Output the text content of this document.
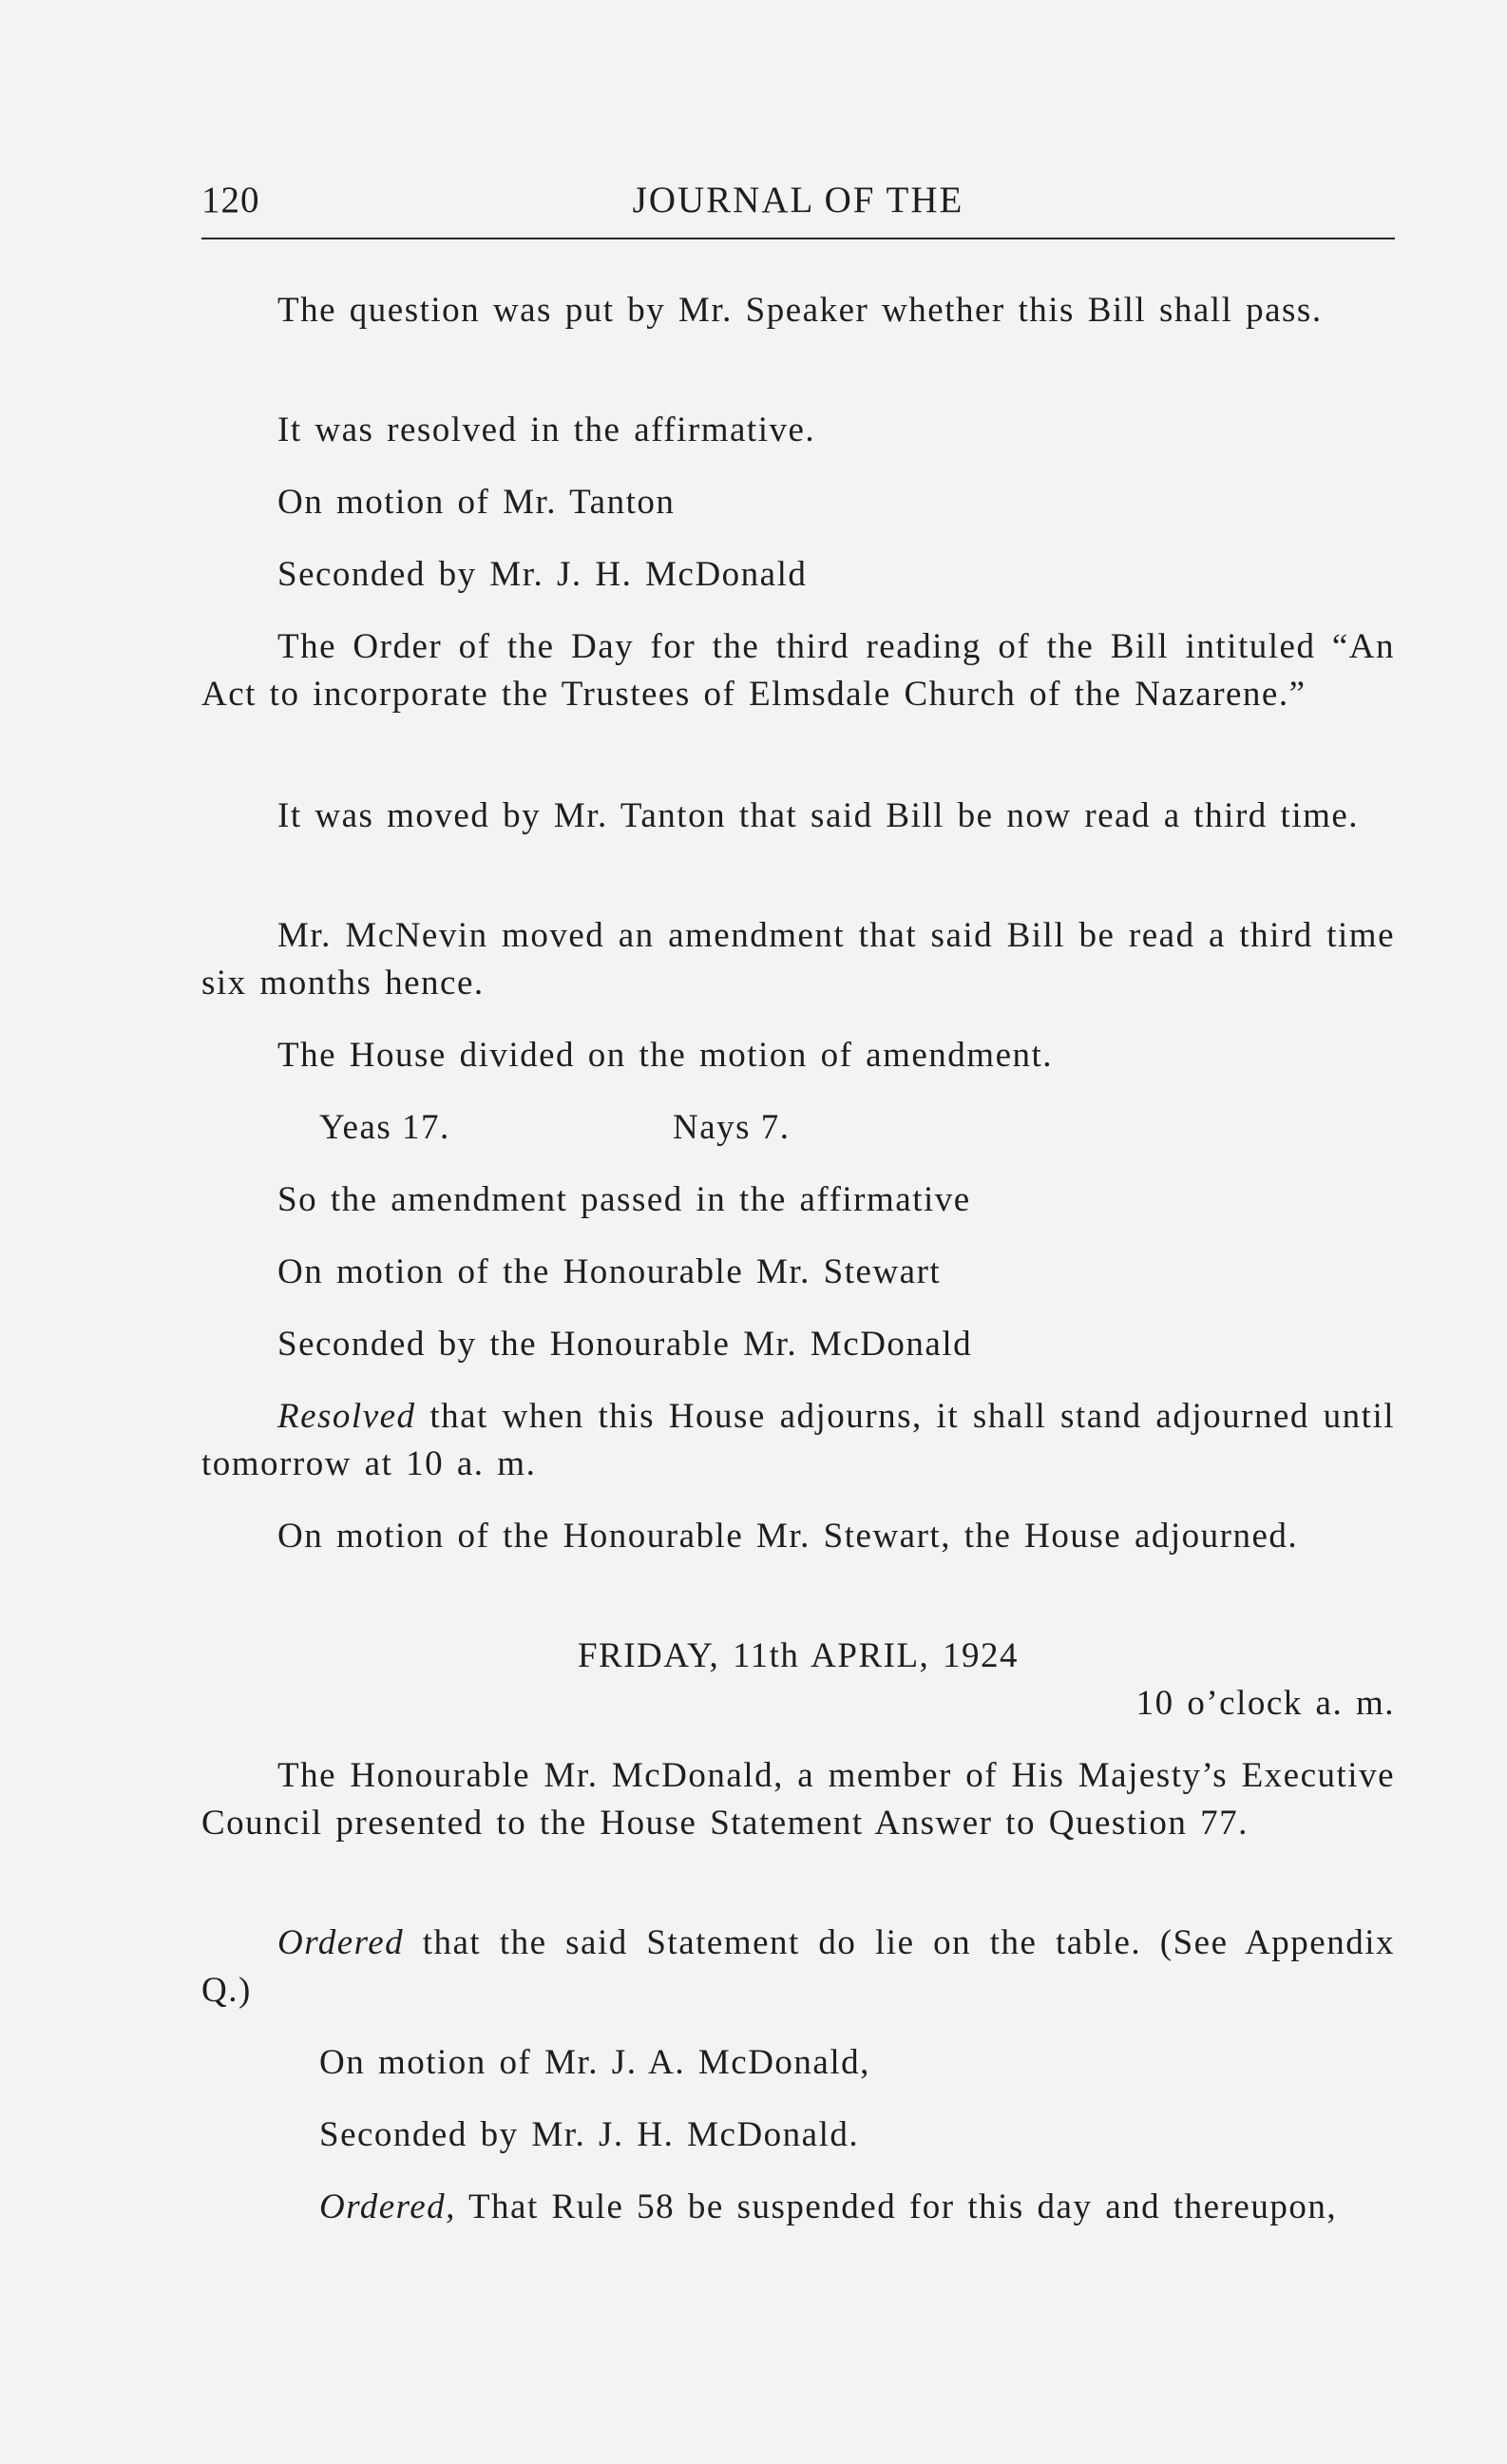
120	JOURNAL OF THE

The question was put by Mr. Speaker whether this Bill shall pass.

It was resolved in the affirmative.

On motion of Mr. Tanton

Seconded by Mr. J. H. McDonald

The Order of the Day for the third reading of the Bill intituled “An Act to incorporate the Trustees of Elmsdale Church of the Nazarene.”

It was moved by Mr. Tanton that said Bill be now read a third time.

Mr. McNevin moved an amendment that said Bill be read a third time six months hence.

The House divided on the motion of amendment.

Yeas 17.	Nays 7.

So the amendment passed in the affirmative

On motion of the Honourable Mr. Stewart

Seconded by the Honourable Mr. McDonald

Resolved that when this House adjourns, it shall stand adjourned until tomorrow at 10 a. m.

On motion of the Honourable Mr. Stewart, the House adjourned.

FRIDAY, 11th APRIL, 1924

10 o’clock a. m.

The Honourable Mr. McDonald, a member of His Majesty’s Executive Council presented to the House Statement Answer to Question 77.

Ordered that the said Statement do lie on the table. (See Appendix Q.)

On motion of Mr. J. A. McDonald,

Seconded by Mr. J. H. McDonald.

Ordered, That Rule 58 be suspended for this day and thereupon,
